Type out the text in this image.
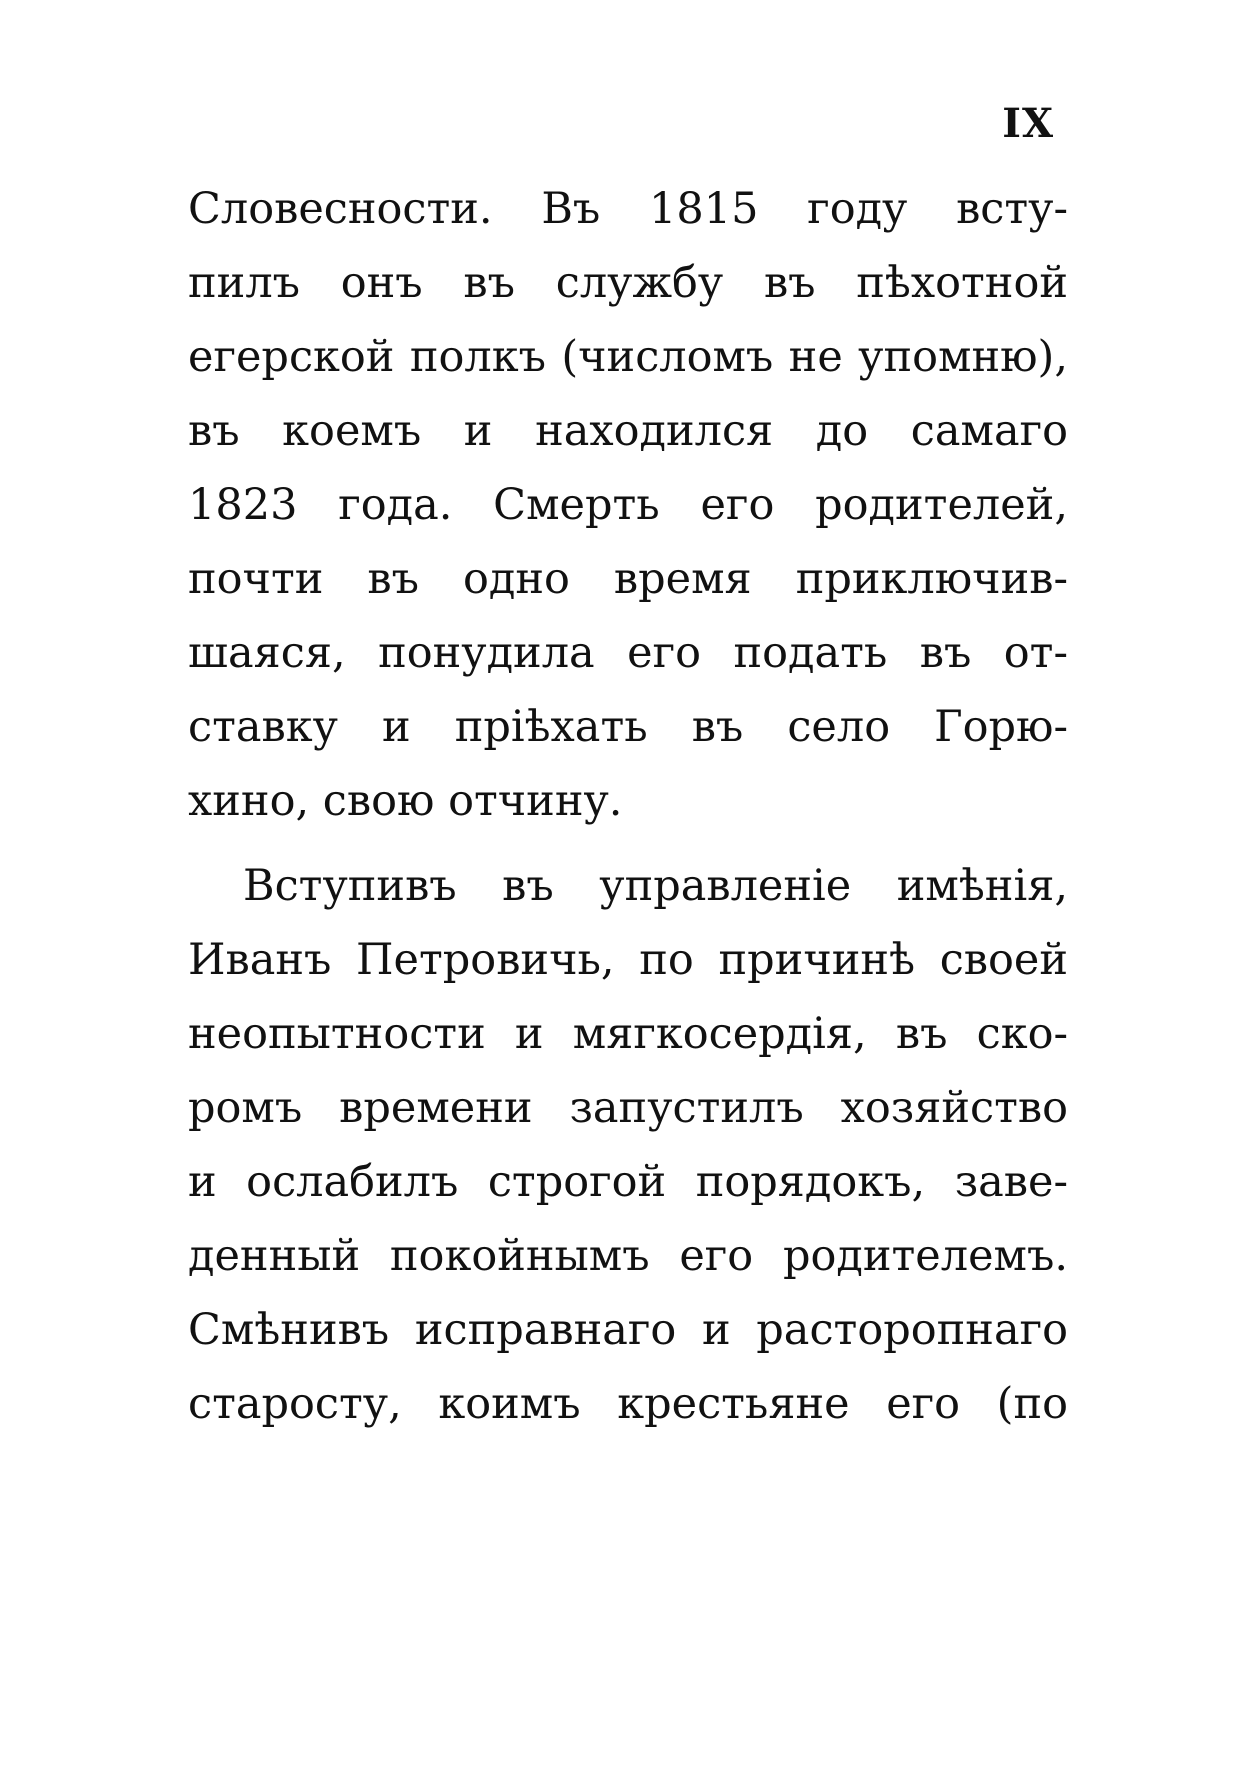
IX
Словесности. Въ 1815 году всту-
пилъ онъ въ службу въ пѣхотной
егерской полкъ (числомъ не упомню),
въ коемъ и находился до самаго
1823 года. Смерть его родителей,
почти въ одно время приключив-
шаяся, понудила его подать въ от-
ставку и пріѣхать въ село Горю-
хино, свою отчину.
Вступивъ въ управленіе имѣнія,
Иванъ Петровичь, по причинѣ своей
неопытности и мягкосердія, въ ско-
ромъ времени запустилъ хозяйство
и ослабилъ строгой порядокъ, заве-
денный покойнымъ его родителемъ.
Смѣнивъ исправнаго и расторопнаго
старосту, коимъ крестьяне его (по
